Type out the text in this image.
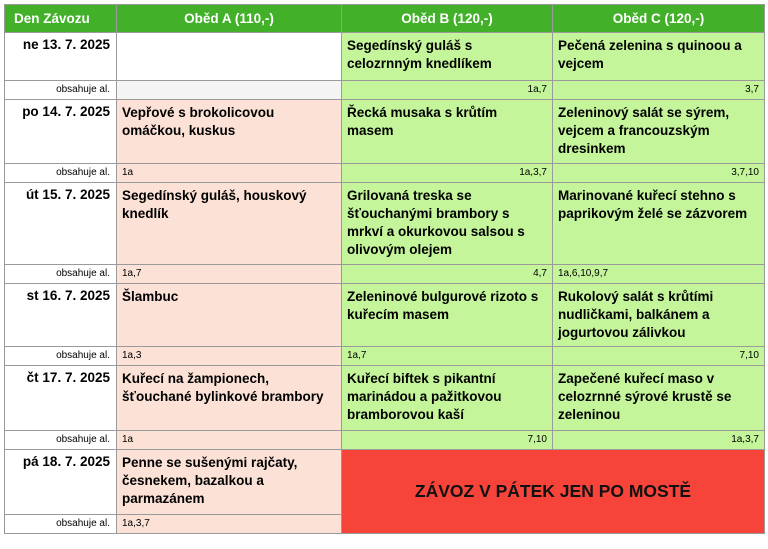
Den Závozu	Oběd A (110,-)	Oběd B (120,-)	Oběd C (120,-)
ne 13. 7. 2025		Segedínský guláš s celozrnným knedlíkem	Pečená zelenina s quinoou a vejcem
obsahuje al.		1a,7	3,7
po 14. 7. 2025	Vepřové s brokolicovou omáčkou, kuskus	Řecká musaka s krůtím masem	Zeleninový salát se sýrem, vejcem a francouzským dresinkem
obsahuje al.	1a	1a,3,7	3,7,10
út 15. 7. 2025	Segedínský guláš, houskový knedlík	Grilovaná treska se šťouchanými brambory s mrkví a okurkovou salsou s olivovým olejem	Marinované kuřecí stehno s paprikovým želé se zázvorem
obsahuje al.	1a,7	4,7	1a,6,10,9,7
st 16. 7. 2025	Šlambuc	Zeleninové bulgurové rizoto s kuřecím masem	Rukolový salát s krůtími nudličkami, balkánem a jogurtovou zálivkou
obsahuje al.	1a,3	1a,7	7,10
čt 17. 7. 2025	Kuřecí na žampionech, šťouchané bylinkové brambory	Kuřecí biftek s pikantní marinádou a pažitkovou bramborovou kaší	Zapečené kuřecí maso v celozrnné sýrové krustě se zeleninou
obsahuje al.	1a	7,10	1a,3,7
pá 18. 7. 2025	Penne se sušenými rajčaty, česnekem, bazalkou a parmazánem	ZÁVOZ V PÁTEK JEN PO MOSTĚ	
obsahuje al.	1a,3,7		
